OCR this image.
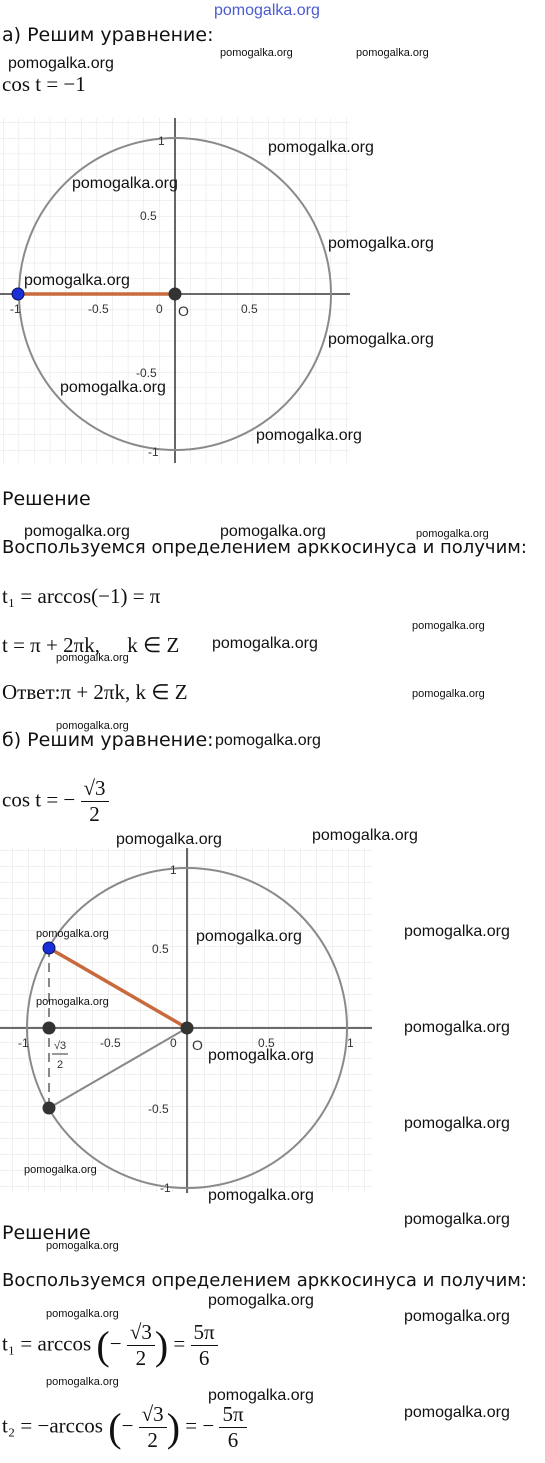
pomogalka.org
а) Решим уравнение:
pomogalka.org	pomogalka.org
pomogalka.org
cos t = −1
1
0.5
0 O	0.5
-0.5
-1
-0.5
-1
pomogalka.org
pomogalka.org
pomogalka.org
pomogalka.org
pomogalka.org
pomogalka.org
pomogalka.org
Решение
pomogalka.org	pomogalka.org	pomogalka.org
Воспользуемся определением арккосинуса и получим:
t₁ = arccos(−1) = π
pomogalka.org
t = π + 2πk, k ∈ Z pomogalka.org
pomogalka.org
Ответ:π + 2πk, k ∈ Z	pomogalka.org
pomogalka.org
б) Решим уравнение: pomogalka.org
cos t = − $\frac{√3}{2}$
pomogalka.org	pomogalka.org
1
0.5
0 O	0.5
-0.5
-1	1
-0.5
-1
√3
2
pomogalka.org	pomogalka.org	pomogalka.org
pomogalka.org
pomogalka.org
pomogalka.org
pomogalka.org
pomogalka.org
pomogalka.org
pomogalka.org
Решение
pomogalka.org
Воспользуемся определением арккосинуса и получим:
pomogalka.org
pomogalka.org	pomogalka.org
t₁ = arccos (− $\frac{√3}{2}$ ) = $\frac{5\pi}{6}$
pomogalka.org
pomogalka.org
pomogalka.org
t₂ = −arccos (− $\frac{√3}{2}$ ) = − $\frac{5\pi}{6}$
